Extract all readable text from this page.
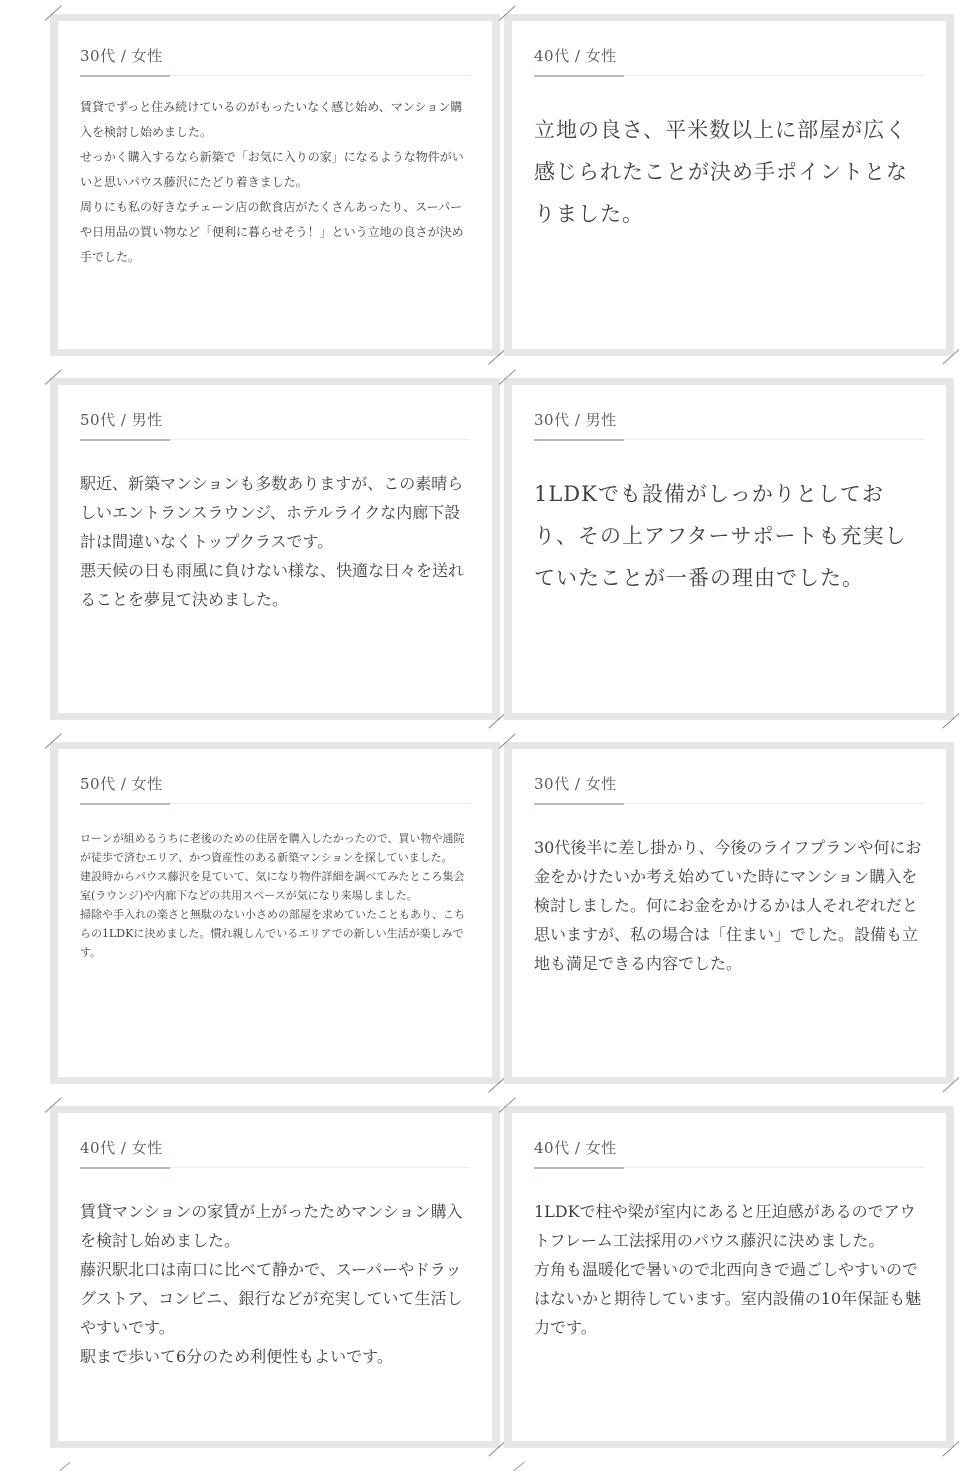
30代 / 女性
賃貸でずっと住み続けているのがもったいなく感じ始め、マンション購入を検討し始めました。
せっかく購入するなら新築で「お気に入りの家」になるような物件がいいと思いパウス藤沢にたどり着きました。
周りにも私の好きなチェーン店の飲食店がたくさんあったり、スーパーや日用品の買い物など「便利に暮らせそう！」という立地の良さが決め手でした。
40代 / 女性
立地の良さ、平米数以上に部屋が広く感じられたことが決め手ポイントとなりました。
50代 / 男性
駅近、新築マンションも多数ありますが、この素晴らしいエントランスラウンジ、ホテルライクな内廊下設計は間違いなくトップクラスです。
悪天候の日も雨風に負けない様な、快適な日々を送れることを夢見て決めました。
30代 / 男性
1LDKでも設備がしっかりとしており、その上アフターサポートも充実していたことが一番の理由でした。
50代 / 女性
ローンが組めるうちに老後のための住居を購入したかったので、買い物や通院が徒歩で済むエリア、かつ資産性のある新築マンションを探していました。
建設時からパウス藤沢を見ていて、気になり物件詳細を調べてみたところ集会室(ラウンジ)や内廊下などの共用スペースが気になり来場しました。
掃除や手入れの楽さと無駄のない小さめの部屋を求めていたこともあり、こちらの1LDKに決めました。慣れ親しんでいるエリアでの新しい生活が楽しみです。
30代 / 女性
30代後半に差し掛かり、今後のライフプランや何にお金をかけたいか考え始めていた時にマンション購入を検討しました。何にお金をかけるかは人それぞれだと思いますが、私の場合は「住まい」でした。設備も立地も満足できる内容でした。
40代 / 女性
賃貸マンションの家賃が上がったためマンション購入を検討し始めました。
藤沢駅北口は南口に比べて静かで、スーパーやドラッグストア、コンビニ、銀行などが充実していて生活しやすいです。
駅まで歩いて6分のため利便性もよいです。
40代 / 女性
1LDKで柱や梁が室内にあると圧迫感があるのでアウトフレーム工法採用のパウス藤沢に決めました。
方角も温暖化で暑いので北西向きで過ごしやすいのではないかと期待しています。室内設備の10年保証も魅力です。
